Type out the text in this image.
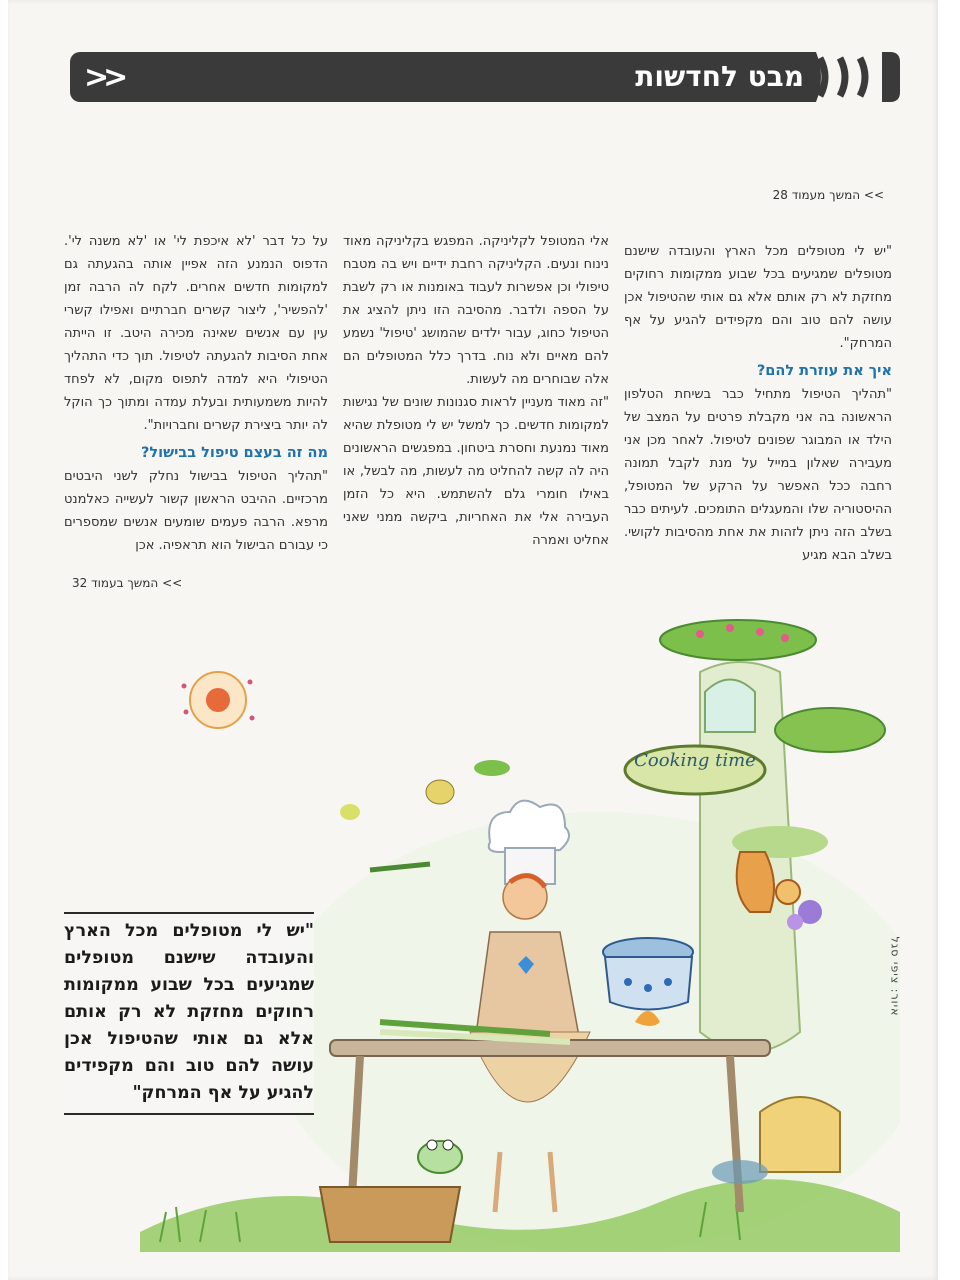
>>	מבט לחדשות
>> המשך מעמוד 28

"יש לי מטופלים מכל הארץ והעובדה שישנם מטופלים שמגיעים בכל שבוע ממקומות רחוקים מחזקת לא רק אותם אלא גם אותי שהטיפול אכן עושה להם טוב והם מקפידים להגיע על אף המרחק".

איך את עוזרת להם?

"תהליך הטיפול מתחיל כבר בשיחת הטלפון הראשונה בה אני מקבלת פרטים על המצב של הילד או המבוגר שפונים לטיפול. לאחר מכן אני מעבירה שאלון במייל על מנת לקבל תמונה רחבה ככל האפשר על הרקע של המטופל, ההיסטוריה שלו והמעגלים התומכים. לעיתים כבר בשלב הזה ניתן לזהות את אחת מהסיבות לקושי. בשלב הבא מגיע

אלי המטופל לקליניקה. המפגש בקליניקה מאוד נינוח ונעים. הקליניקה רחבת ידיים ויש בה מטבח טיפולי וכן אפשרות לעבוד באומנות או רק לשבת על הספה ולדבר. מהסיבה הזו ניתן להציג את הטיפול כחוג, עבור ילדים שהמושג 'טיפול' נשמע להם מאיים ולא נוח. בדרך כלל המטופלים הם אלה שבוחרים מה לעשות.

"זה מאוד מעניין לראות סגנונות שונים של נגישות למקומות חדשים. כך למשל יש לי מטופלת שהיא מאוד נמנעת וחסרת ביטחון. במפגשים הראשונים היה לה קשה להחליט מה לעשות, מה לבשל, או באילו חומרי גלם להשתמש. היא כל הזמן העבירה אלי את האחריות, ביקשה ממני שאני אחליט ואמרה

על כל דבר 'לא איכפת לי' או 'לא משנה לי'. הדפוס הנמנע הזה אפיין אותה בהגעתה גם למקומות חדשים אחרים. לקח לה הרבה זמן 'להפשיר', ליצור קשרים חברתיים ואפילו קשרי עין עם אנשים שאינה מכירה היטב. זו הייתה אחת הסיבות להגעתה לטיפול. תוך כדי התהליך הטיפולי היא למדה לתפוס מקום, לא לפחד להיות משמעותית ובעלת עמדה ומתוך כך הוקל לה יותר ביצירת קשרים וחברויות".

מה זה בעצם טיפול בבישול?

"תהליך הטיפול בבישול נחלק לשני היבטים מרכזיים. ההיבט הראשון קשור לעשייה כאלמנט מרפא. הרבה פעמים שומעים אנשים שמספרים כי עבורם הבישול הוא תראפיה. אכן

>> המשך בעמוד 32
Cooking time
"יש לי מטופלים מכל הארץ והעובדה שישנם מטופלים שמגיעים בכל שבוע ממקומות רחוקים מחזקת לא רק אותם אלא גם אותי שהטיפול אכן עושה להם טוב והם מקפידים להגיע על אף המרחק"
איור: ציפי סגל
